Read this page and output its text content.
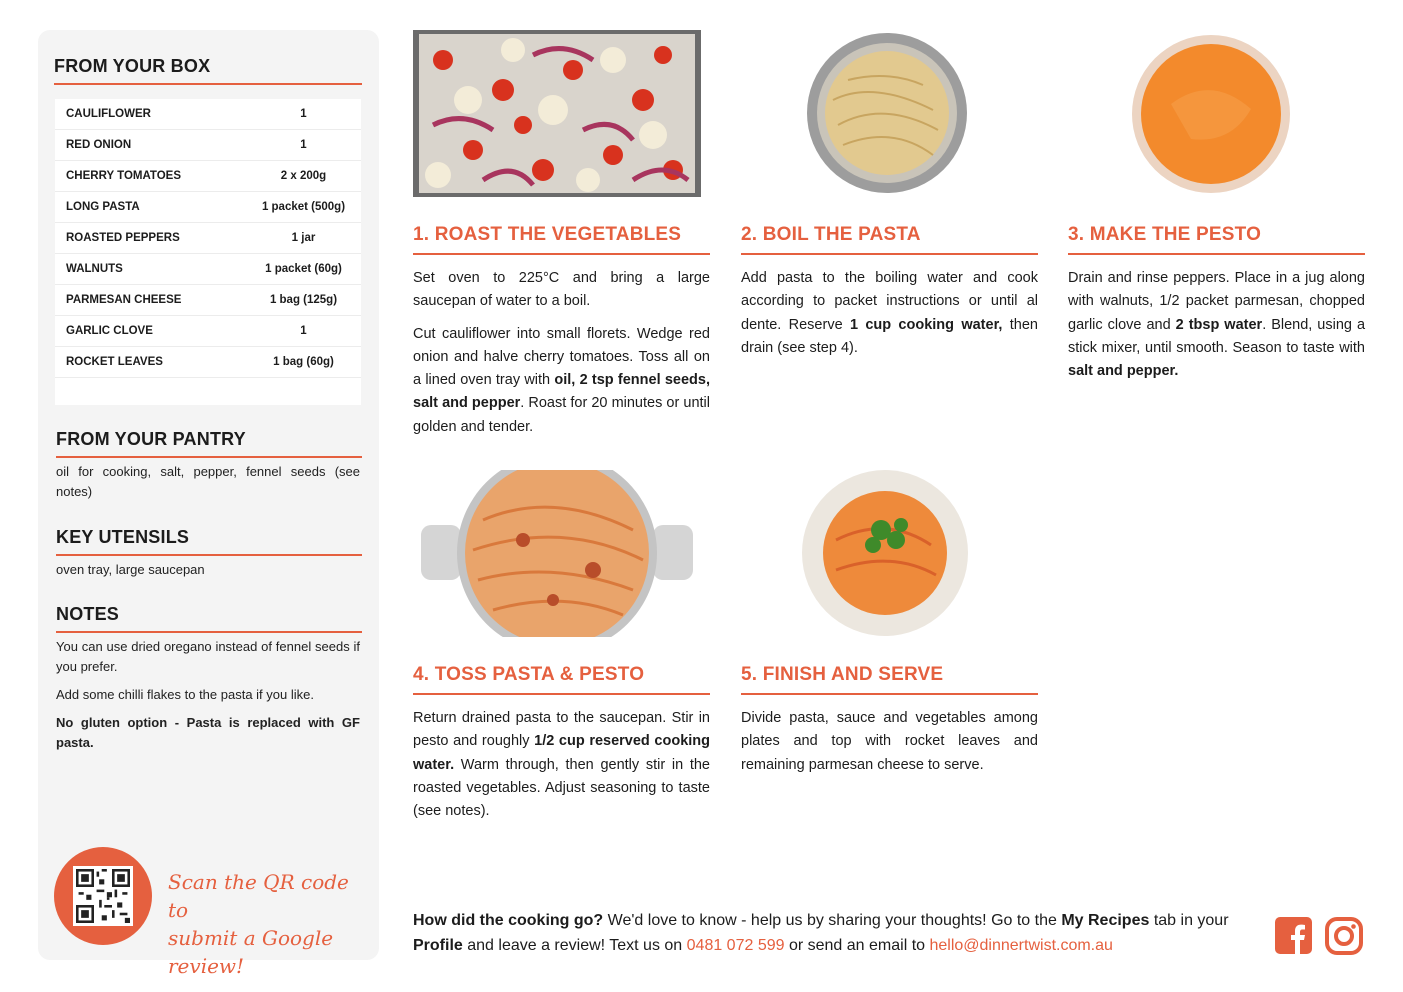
FROM YOUR BOX
CAULIFLOWER	1
RED ONION	1
CHERRY TOMATOES	2 x 200g
LONG PASTA	1 packet (500g)
ROASTED PEPPERS	1 jar
WALNUTS	1 packet (60g)
PARMESAN CHEESE	1 bag (125g)
GARLIC CLOVE	1
ROCKET LEAVES	1 bag (60g)
FROM YOUR PANTRY
oil for cooking, salt, pepper, fennel seeds (see notes)
KEY UTENSILS
oven tray, large saucepan
NOTES

You can use dried oregano instead of fennel seeds if you prefer.

Add some chilli flakes to the pasta if you like.

No gluten option - Pasta is replaced with GF pasta.

Scan the QR code to
submit a Google review!
1. ROAST THE VEGETABLES	2. BOIL THE PASTA	3. MAKE THE PESTO
4. TOSS PASTA & PESTO	5. FINISH AND SERVE

Set oven to 225°C and bring a large saucepan of water to a boil.

Cut cauliflower into small florets. Wedge red onion and halve cherry tomatoes. Toss all on a lined oven tray with oil, 2 tsp fennel seeds, salt and pepper. Roast for 20 minutes or until golden and tender.

Add pasta to the boiling water and cook according to packet instructions or until al dente. Reserve 1 cup cooking water, then drain (see step 4).

Drain and rinse peppers. Place in a jug along with walnuts, 1/2 packet parmesan, chopped garlic clove and 2 tbsp water. Blend, using a stick mixer, until smooth. Season to taste with salt and pepper.

Return drained pasta to the saucepan. Stir in pesto and roughly 1/2 cup reserved cooking water. Warm through, then gently stir in the roasted vegetables. Adjust seasoning to taste (see notes).

Divide pasta, sauce and vegetables among plates and top with rocket leaves and remaining parmesan cheese to serve.

How did the cooking go? We'd love to know - help us by sharing your thoughts! Go to the My Recipes tab in your Profile and leave a review! Text us on 0481 072 599 or send an email to hello@dinnertwist.com.au
